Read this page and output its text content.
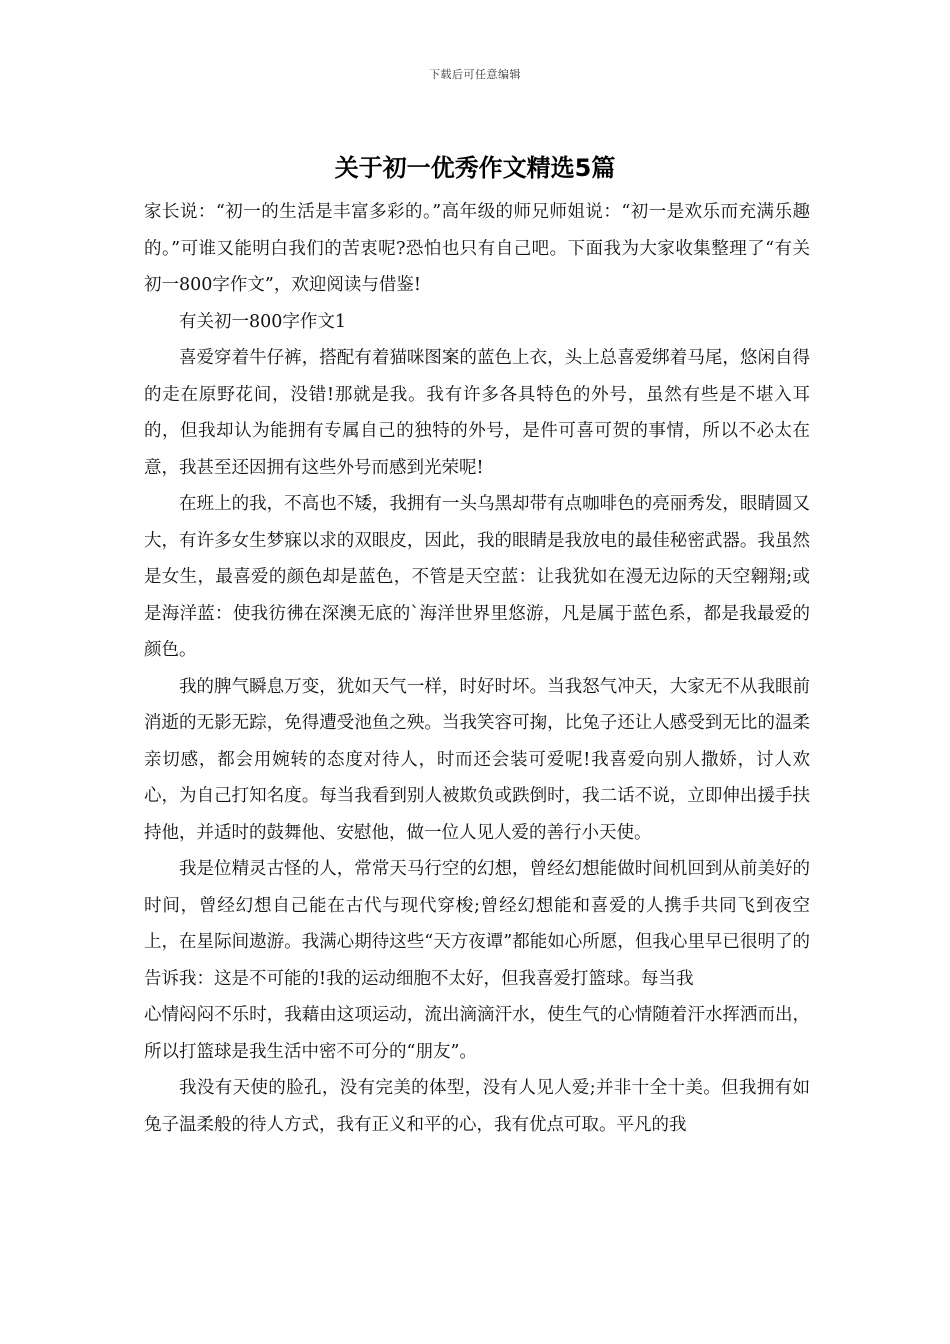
下载后可任意编辑
关于初一优秀作文精选5篇

家长说：“初一的生活是丰富多彩的。”高年级的师兄师姐说：“初一是欢乐而充满乐趣的。”可谁又能明白我们的苦衷呢?恐怕也只有自己吧。下面我为大家收集整理了“有关初一800字作文”，欢迎阅读与借鉴!

有关初一800字作文1

喜爱穿着牛仔裤，搭配有着猫咪图案的蓝色上衣，头上总喜爱绑着马尾，悠闲自得的走在原野花间，没错!那就是我。我有许多各具特色的外号，虽然有些是不堪入耳的，但我却认为能拥有专属自己的独特的外号，是件可喜可贺的事情，所以不必太在意，我甚至还因拥有这些外号而感到光荣呢!

在班上的我，不高也不矮，我拥有一头乌黑却带有点咖啡色的亮丽秀发，眼睛圆又大，有许多女生梦寐以求的双眼皮，因此，我的眼睛是我放电的最佳秘密武器。我虽然是女生，最喜爱的颜色却是蓝色，不管是天空蓝：让我犹如在漫无边际的天空翱翔;或是海洋蓝：使我彷彿在深澳无底的`海洋世界里悠游，凡是属于蓝色系，都是我最爱的颜色。

我的脾气瞬息万变，犹如天气一样，时好时坏。当我怒气冲天，大家无不从我眼前消逝的无影无踪，免得遭受池鱼之殃。当我笑容可掬，比兔子还让人感受到无比的温柔亲切感，都会用婉转的态度对待人，时而还会装可爱呢!我喜爱向别人撒娇，讨人欢心，为自己打知名度。每当我看到别人被欺负或跌倒时，我二话不说，立即伸出援手扶持他，并适时的鼓舞他、安慰他，做一位人见人爱的善行小天使。

我是位精灵古怪的人，常常天马行空的幻想，曾经幻想能做时间机回到从前美好的时间，曾经幻想自己能在古代与现代穿梭;曾经幻想能和喜爱的人携手共同飞到夜空上，在星际间遨游。我满心期待这些“天方夜谭”都能如心所愿，但我心里早已很明了的告诉我：这是不可能的!我的运动细胞不太好，但我喜爱打篮球。每当我

心情闷闷不乐时，我藉由这项运动，流出滴滴汗水，使生气的心情随着汗水挥洒而出，所以打篮球是我生活中密不可分的“朋友”。

我没有天使的脸孔，没有完美的体型，没有人见人爱;并非十全十美。但我拥有如兔子温柔般的待人方式，我有正义和平的心，我有优点可取。平凡的我
